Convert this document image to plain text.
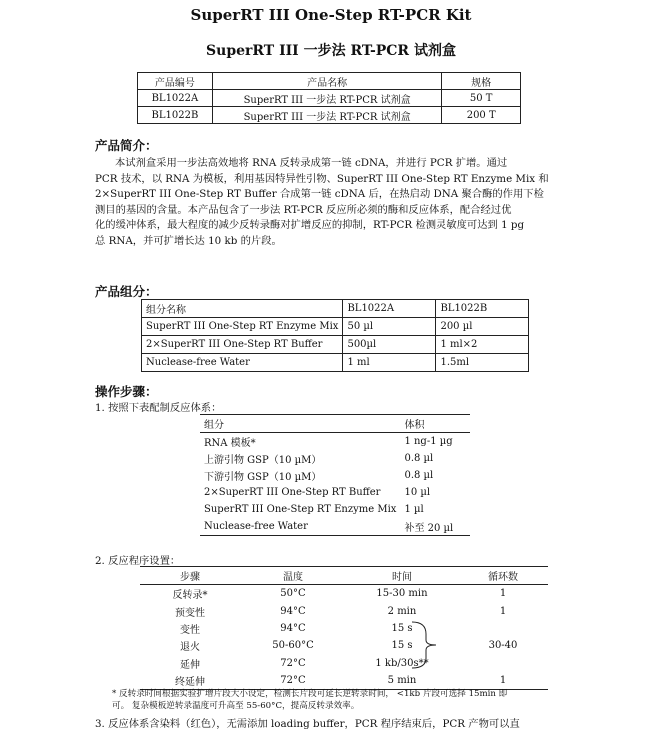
SuperRT III One-Step RT-PCR Kit
SuperRT III 一步法 RT-PCR 试剂盒
产品编号	产品名称	规格
BL1022A	SuperRT III 一步法 RT-PCR 试剂盒	50 T
BL1022B	SuperRT III 一步法 RT-PCR 试剂盒	200 T
产品简介：
本试剂盒采用一步法高效地将 RNA 反转录成第一链 cDNA，并进行 PCR 扩增。通过
PCR 技术，以 RNA 为模板，利用基因特异性引物、SuperRT III One-Step RT Enzyme Mix 和
2×SuperRT III One-Step RT Buffer 合成第一链 cDNA 后，在热启动 DNA 聚合酶的作用下检
测目的基因的含量。本产品包含了一步法 RT-PCR 反应所必须的酶和反应体系，配合经过优
化的缓冲体系，最大程度的减少反转录酶对扩增反应的抑制，RT-PCR 检测灵敏度可达到 1 pg
总 RNA，并可扩增长达 10 kb 的片段。
产品组分：
组分名称	BL1022A	BL1022B
SuperRT III One-Step RT Enzyme Mix	50 µl	200 µl
2×SuperRT III One-Step RT Buffer	500µl	1 ml×2
Nuclease-free Water	1 ml	1.5ml
操作步骤：
1. 按照下表配制反应体系：
组分	体积
RNA 模板*	1 ng-1 µg
上游引物 GSP（10 µM）	0.8 µl
下游引物 GSP（10 µM）	0.8 µl
2×SuperRT III One-Step RT Buffer	10 µl
SuperRT III One-Step RT Enzyme Mix	1 µl
Nuclease-free Water	补至 20 µl
2. 反应程序设置：
步骤	温度	时间	循环数
反转录*	50°C	15-30 min	1
预变性	94°C	2 min	1
变性	94°C	15 s	
退火	50-60°C	15 s	30-40
延伸	72°C	1 kb/30s**	
终延伸	72°C	5 min	1
* 反转录时间根据实验扩增片段大小设定，检测长片段可延长逆转录时间， <1kb 片段可选择 15min 即
可。 复杂模板逆转录温度可升高至 55-60°C，提高反转录效率。
3. 反应体系含染料（红色），无需添加 loading buffer，PCR 程序结束后，PCR 产物可以直
